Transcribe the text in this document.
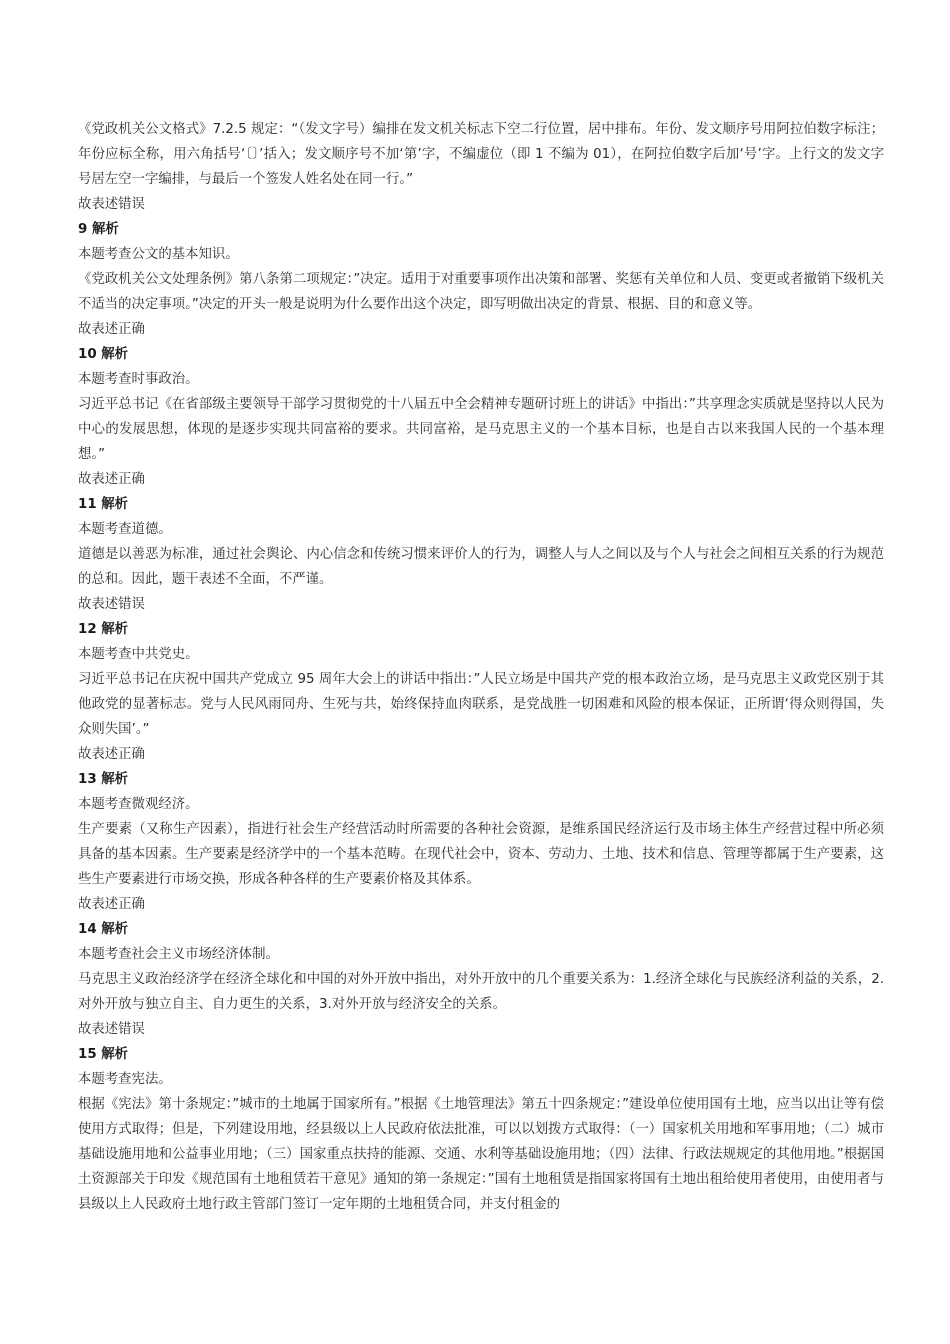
《党政机关公文格式》7.2.5 规定：“（发文字号）编排在发文机关标志下空二行位置，居中排布。年份、发文顺序号用阿拉伯数字标注；年份应标全称，用六角括号‘〔〕’括入；发文顺序号不加‘第’字，不编虚位（即 1 不编为 01），在阿拉伯数字后加‘号’字。上行文的发文字号居左空一字编排，与最后一个签发人姓名处在同一行。”

故表述错误

9 解析

本题考查公文的基本知识。

《党政机关公文处理条例》第八条第二项规定：”决定。适用于对重要事项作出决策和部署、奖惩有关单位和人员、变更或者撤销下级机关不适当的决定事项。”决定的开头一般是说明为什么要作出这个决定，即写明做出决定的背景、根据、目的和意义等。

故表述正确

10 解析

本题考查时事政治。

习近平总书记《在省部级主要领导干部学习贯彻党的十八届五中全会精神专题研讨班上的讲话》中指出：”共享理念实质就是坚持以人民为中心的发展思想，体现的是逐步实现共同富裕的要求。共同富裕，是马克思主义的一个基本目标，也是自古以来我国人民的一个基本理想。”

故表述正确

11 解析

本题考查道德。

道德是以善恶为标准，通过社会舆论、内心信念和传统习惯来评价人的行为，调整人与人之间以及与个人与社会之间相互关系的行为规范的总和。因此，题干表述不全面，不严谨。

故表述错误

12 解析

本题考查中共党史。

习近平总书记在庆祝中国共产党成立 95 周年大会上的讲话中指出：”人民立场是中国共产党的根本政治立场，是马克思主义政党区别于其他政党的显著标志。党与人民风雨同舟、生死与共，始终保持血肉联系，是党战胜一切困难和风险的根本保证，正所谓‘得众则得国，失众则失国’。”

故表述正确

13 解析

本题考查微观经济。

生产要素（又称生产因素），指进行社会生产经营活动时所需要的各种社会资源，是维系国民经济运行及市场主体生产经营过程中所必须具备的基本因素。生产要素是经济学中的一个基本范畴。在现代社会中，资本、劳动力、土地、技术和信息、管理等都属于生产要素，这些生产要素进行市场交换，形成各种各样的生产要素价格及其体系。

故表述正确

14 解析

本题考查社会主义市场经济体制。

马克思主义政治经济学在经济全球化和中国的对外开放中指出，对外开放中的几个重要关系为：1.经济全球化与民族经济利益的关系，2.对外开放与独立自主、自力更生的关系，3.对外开放与经济安全的关系。

故表述错误

15 解析

本题考查宪法。

根据《宪法》第十条规定：”城市的土地属于国家所有。”根据《土地管理法》第五十四条规定：”建设单位使用国有土地，应当以出让等有偿使用方式取得；但是，下列建设用地，经县级以上人民政府依法批准，可以以划拨方式取得：（一）国家机关用地和军事用地；（二）城市基础设施用地和公益事业用地；（三）国家重点扶持的能源、交通、水利等基础设施用地；（四）法律、行政法规规定的其他用地。”根据国土资源部关于印发《规范国有土地租赁若干意见》通知的第一条规定：”国有土地租赁是指国家将国有土地出租给使用者使用，由使用者与县级以上人民政府土地行政主管部门签订一定年期的土地租赁合同，并支付租金的
